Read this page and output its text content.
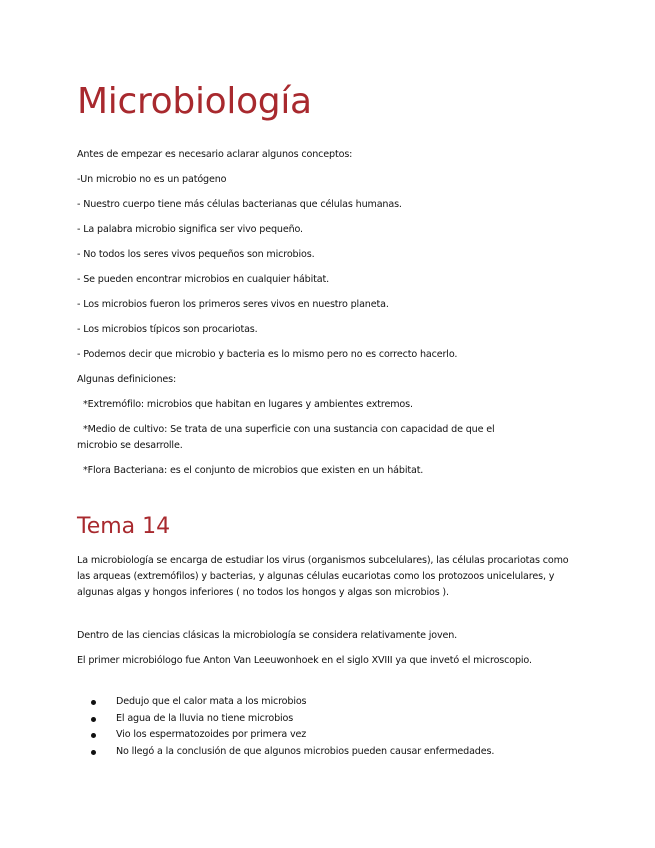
Microbiología

Antes de empezar es necesario aclarar algunos conceptos:

-Un microbio no es un patógeno

- Nuestro cuerpo tiene más células bacterianas que células humanas.

- La palabra microbio significa ser vivo pequeño.

- No todos los seres vivos pequeños son microbios.

- Se pueden encontrar microbios en cualquier hábitat.

- Los microbios fueron los primeros seres vivos en nuestro planeta.

- Los microbios típicos son procariotas.

- Podemos decir que microbio y bacteria es lo mismo pero no es correcto hacerlo.

Algunas definiciones:

*Extremófilo: microbios que habitan en lugares y ambientes extremos.

*Medio de cultivo: Se trata de una superficie con una sustancia con capacidad de que el

microbio se desarrolle.

*Flora Bacteriana: es el conjunto de microbios que existen en un hábitat.

Tema 14

La microbiología se encarga de estudiar los virus (organismos subcelulares), las células procariotas como las arqueas (extremófilos) y bacterias, y algunas células eucariotas como los protozoos unicelulares, y algunas algas y hongos inferiores ( no todos los hongos y algas son microbios ).

Dentro de las ciencias clásicas la microbiología se considera relativamente joven.

El primer microbiólogo fue Anton Van Leeuwonhoek en el siglo XVIII ya que invetó el microscopio.

Dedujo que el calor mata a los microbios
El agua de la lluvia no tiene microbios
Vio los espermatozoides por primera vez
No llegó a la conclusión de que algunos microbios pueden causar enfermedades.
